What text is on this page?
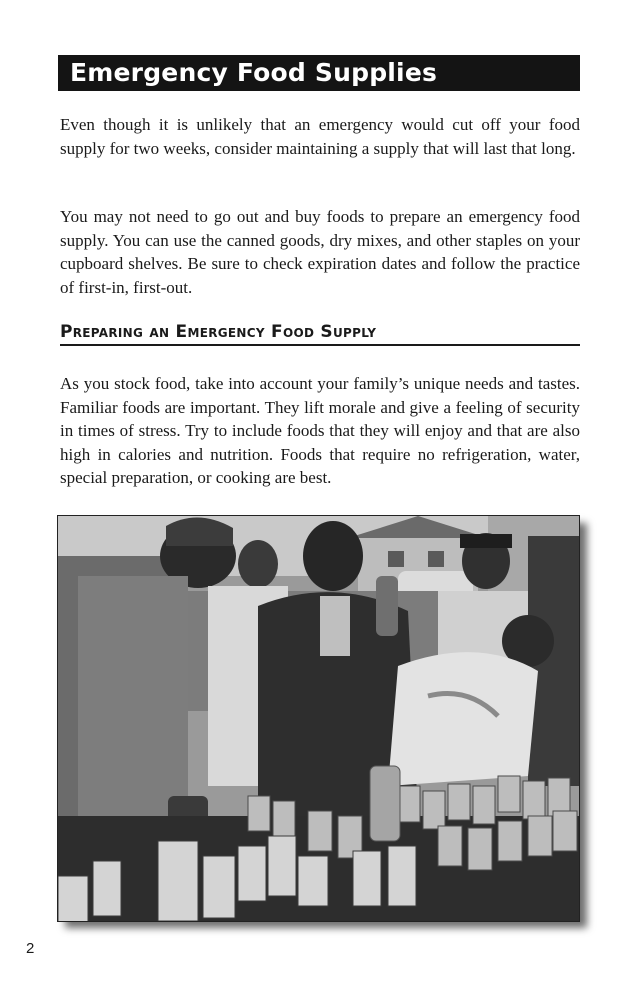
Emergency Food Supplies

Even though it is unlikely that an emergency would cut off your food supply for two weeks, consider maintaining a supply that will last that long.

You may not need to go out and buy foods to prepare an emergency food supply. You can use the canned goods, dry mixes, and other staples on your cupboard shelves. Be sure to check expiration dates and follow the practice of first-in, first-out.

Preparing an Emergency Food Supply

As you stock food, take into account your family’s unique needs and tastes. Familiar foods are important. They lift morale and give a feeling of security in times of stress. Try to include foods that they will enjoy and that are also high in calories and nutrition. Foods that require no refrigeration, water, special preparation, or cooking are best.

2
